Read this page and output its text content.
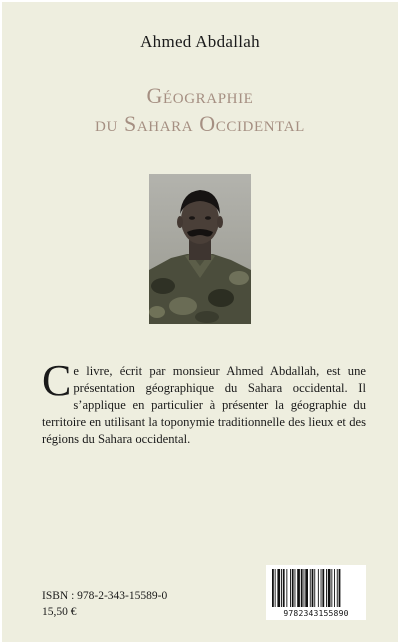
Ahmed Abdallah
Géographie
du Sahara Occidental
C e livre, écrit par monsieur Ahmed Abdallah, est une présentation géographique du Sahara occidental. Il s’applique en particulier à présenter la géographie du territoire en utilisant la toponymie traditionnelle des lieux et des régions du Sahara occidental.
ISBN : 978-2-343-15589-0
15,50 €	9782343155890
